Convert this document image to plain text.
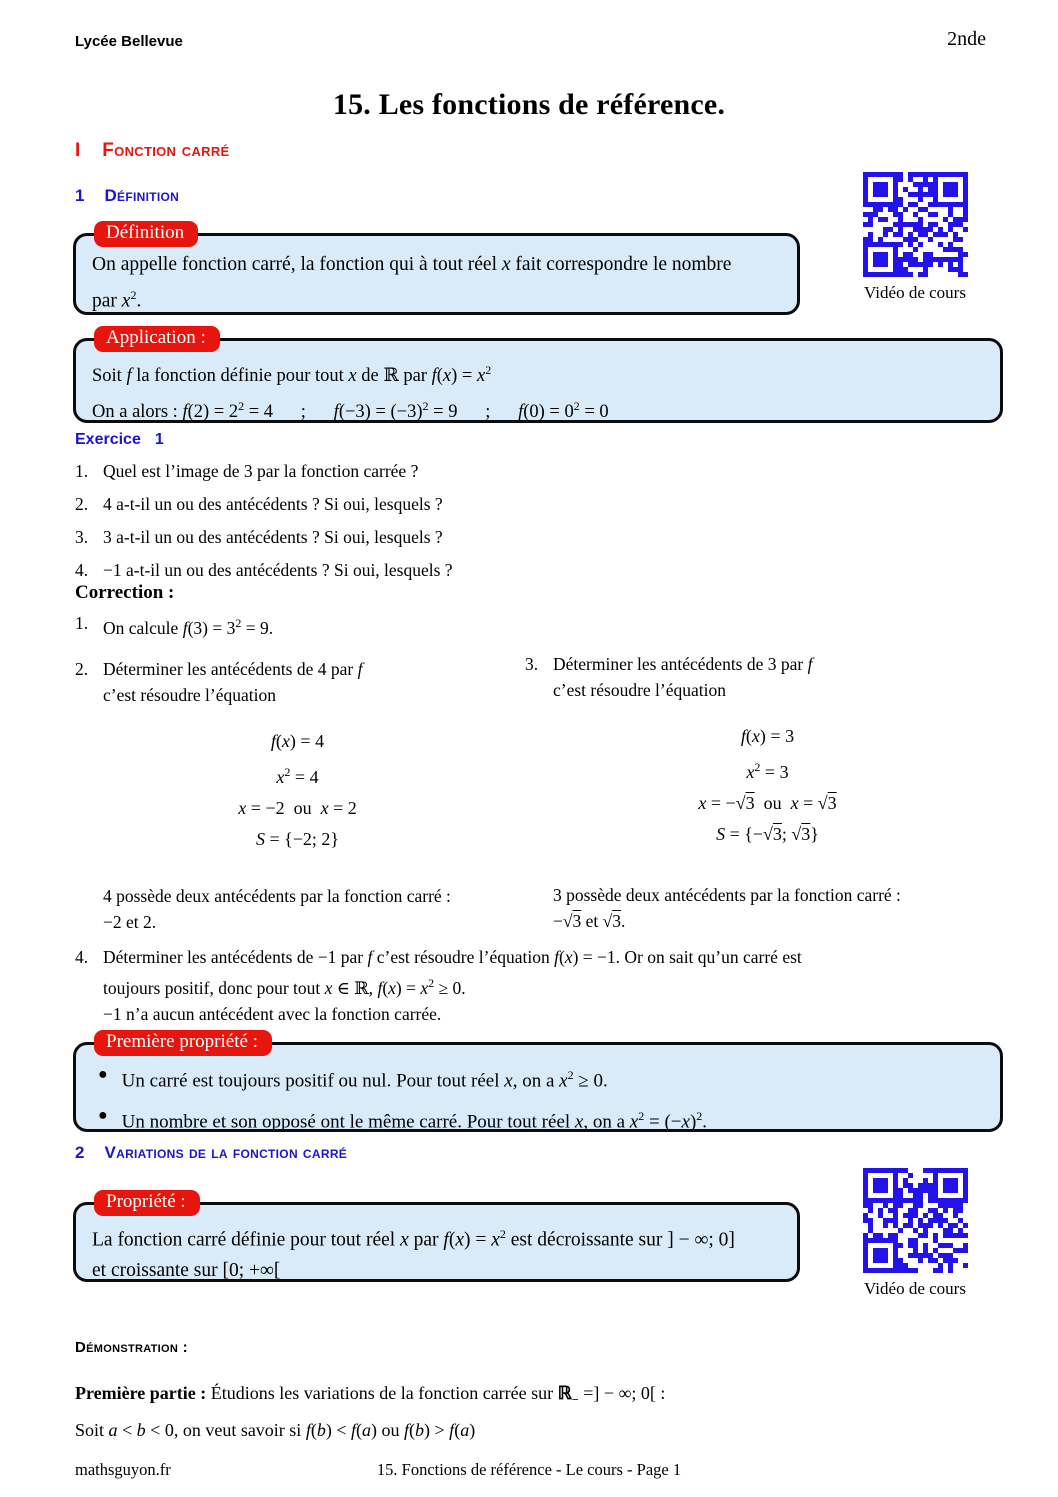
Lycée Bellevue	2nde
15. Les fonctions de référence.
I Fonction carré
1 Définition
Vidéo de cours
Définition
On appelle fonction carré, la fonction qui à tout réel x fait correspondre le nombre
par $x^2$.
Application :
Soit f la fonction définie pour tout x de ℝ par $f(x) = x^2$
On a alors : $f(2) = 2^2 = 4$      ;      $f(-3) = (-3)^2 = 9$      ;      $f(0) = 0^2 = 0$
Exercice 1
1. Quel est l’image de 3 par la fonction carrée ?
2. 4 a-t-il un ou des antécédents ? Si oui, lesquels ?
3. 3 a-t-il un ou des antécédents ? Si oui, lesquels ?
4. −1 a-t-il un ou des antécédents ? Si oui, lesquels ?
Correction :
1. On calcule $f(3) = 3^2 = 9$.
2. Déterminer les antécédents de 4 par f
c’est résoudre l’équation
f(x) = 4
$x^2 = 4$
x = −2  ou  x = 2
S = {−2; 2}
4 possède deux antécédents par la fonction carré :
−2 et 2.
3. Déterminer les antécédents de 3 par f
c’est résoudre l’équation
f(x) = 3
$x^2 = 3$
x = −√3  ou  x = √3
S = {−√3; √3}
3 possède deux antécédents par la fonction carré :
−√3 et √3.
4. Déterminer les antécédents de −1 par f c’est résoudre l’équation f(x) = −1. Or on sait qu’un carré est
toujours positif, donc pour tout x ∈ ℝ, $f(x) = x^2 \ge 0$.
−1 n’a aucun antécédent avec la fonction carrée.
Première propriété :
● Un carré est toujours positif ou nul. Pour tout réel x, on a $x^2 \ge 0$.
● Un nombre et son opposé ont le même carré. Pour tout réel x, on a $x^2 = (-x)^2$.
2 Variations de la fonction carré
Vidéo de cours
Propriété :
La fonction carré définie pour tout réel x par $f(x) = x^2$ est décroissante sur ] − ∞; 0]
et croissante sur [0; +∞[
Démonstration :
Première partie : Étudions les variations de la fonction carrée sur ℝ$_-$ =] − ∞; 0[ :
Soit a < b < 0, on veut savoir si f(b) < f(a) ou f(b) > f(a)
mathsguyon.fr	15. Fonctions de référence - Le cours - Page 1
